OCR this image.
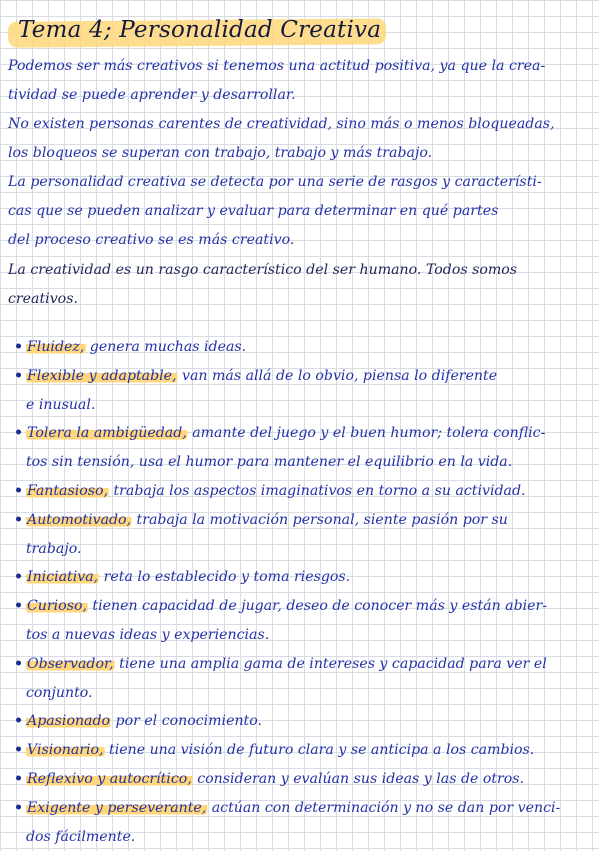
Tema 4; Personalidad Creativa
Podemos ser más creativos si tenemos una actitud positiva, ya que la crea-
tividad se puede aprender y desarrollar.
No existen personas carentes de creatividad, sino más o menos bloqueadas,
los bloqueos se superan con trabajo, trabajo y más trabajo.
La personalidad creativa se detecta por una serie de rasgos y característi-
cas que se pueden analizar y evaluar para determinar en qué partes
del proceso creativo se es más creativo.
La creatividad es un rasgo característico del ser humano. Todos somos
creativos.
• Fluidez, genera muchas ideas.
• Flexible y adaptable, van más allá de lo obvio, piensa lo diferente
e inusual.
• Tolera la ambigüedad, amante del juego y el buen humor; tolera conflic-
tos sin tensión, usa el humor para mantener el equilibrio en la vida.
• Fantasioso, trabaja los aspectos imaginativos en torno a su actividad.
• Automotivado, trabaja la motivación personal, siente pasión por su
trabajo.
• Iniciativa, reta lo establecido y toma riesgos.
• Curioso, tienen capacidad de jugar, deseo de conocer más y están abier-
tos a nuevas ideas y experiencias.
• Observador, tiene una amplia gama de intereses y capacidad para ver el
conjunto.
• Apasionado por el conocimiento.
• Visionario, tiene una visión de futuro clara y se anticipa a los cambios.
• Reflexivo y autocrítico, consideran y evalúan sus ideas y las de otros.
• Exigente y perseverante, actúan con determinación y no se dan por venci-
dos fácilmente.
